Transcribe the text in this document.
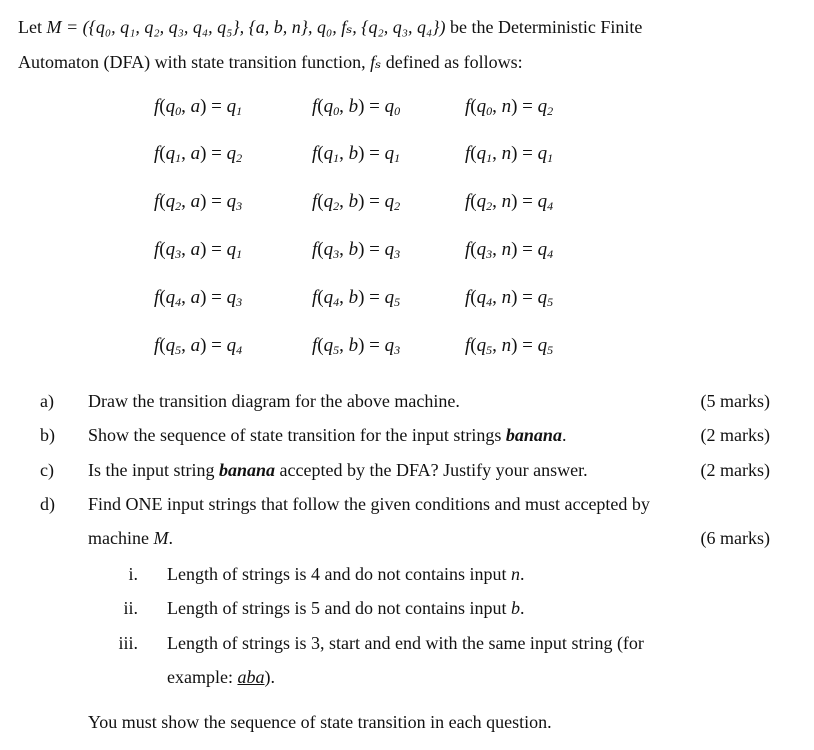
Let M = ({q₀, q₁, q₂, q₃, q₄, q₅}, {a, b, n}, q₀, fₛ, {q₂, q₃, q₄}) be the Deterministic Finite
Automaton (DFA) with state transition function, fₛ defined as follows:
$f(q_0$, $a) = q_1$	$f(q_0$, $b) = q_0$	$f(q_0$, $n) = q_2$
$f(q_1$, $a) = q_2$	$f(q_1$, $b) = q_1$	$f(q_1$, $n) = q_1$
$f(q_2$, $a) = q_3$	$f(q_2$, $b) = q_2$	$f(q_2$, $n) = q_4$
$f(q_3$, $a) = q_1$	$f(q_3$, $b) = q_3$	$f(q_3$, $n) = q_4$
$f(q_4$, $a) = q_3$	$f(q_4$, $b) = q_5$	$f(q_4$, $n) = q_5$
$f(q_5$, $a) = q_4$	$f(q_5$, $b) = q_3$	$f(q_5$, $n) = q_5$
a) Draw the transition diagram for the above machine.	(5 marks)
b) Show the sequence of state transition for the input strings banana.	(2 marks)
c) Is the input string banana accepted by the DFA? Justify your answer.	(2 marks)
d) Find ONE input strings that follow the given conditions and must accepted by
machine M.	(6 marks)
i. Length of strings is 4 and do not contains input n.
ii. Length of strings is 5 and do not contains input b.
iii. Length of strings is 3, start and end with the same input string (for
example: aba).
You must show the sequence of state transition in each question.
